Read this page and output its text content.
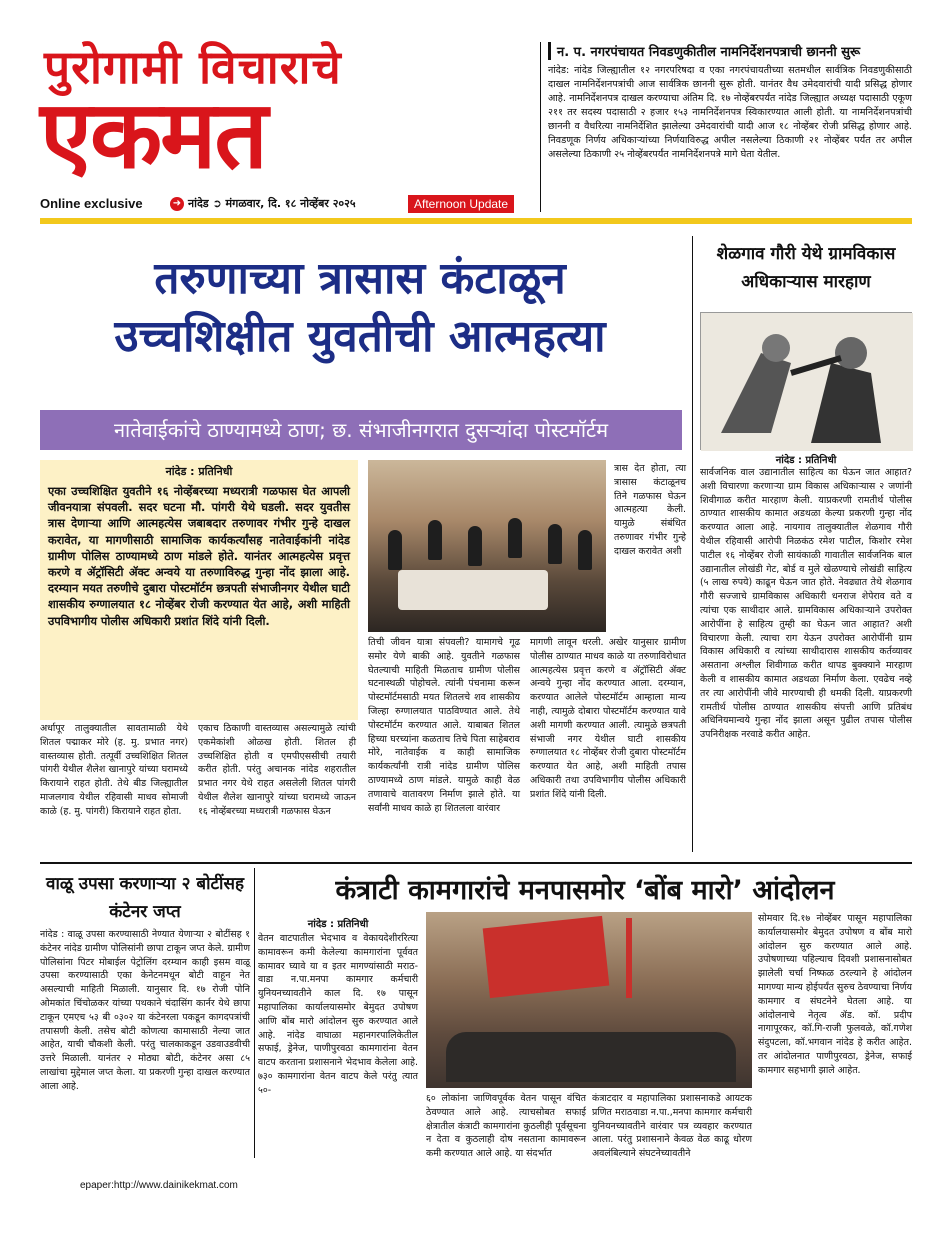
पुरोगामी विचाराचे
एकमत
Online exclusive	➜ नांदेड ➲ मंगळवार, दि. १८ नोव्हेंबर २०२५	Afternoon Update
न. प. नगरपंचायत निवडणुकीतील नामनिर्देशनपत्राची छाननी सुरू
नांदेड: नांदेड जिल्ह्यातील १२ नगरपरिषदा व एका नगरपंचायतीच्या सतमधील सार्वत्रिक निवडणुकीसाठी दाखल नामनिर्देशनपत्रांची आज सार्वत्रिक छाननी सुरू होती. यानंतर वैध उमेदवारांची यादी प्रसिद्ध होणार आहे. नामनिर्देशनपत्र दाखल करण्याचा अंतिम दि. १७ नोव्हेंबरपर्यंत नांदेड जिल्ह्यात अध्यक्ष पदासाठी एकूण २११ तर सदस्य पदासाठी २ हजार १५३ नामनिर्देशनपत्र स्विकारण्यात आली होती. या नामनिर्देशनपत्रांची छाननी व वैधरित्या नामनिर्देशित झालेल्या उमेदवारांची यादी आज १८ नोव्हेंबर रोजी प्रसिद्ध होणार आहे. निवडणूक निर्णय अधिकाऱ्यांच्या निर्णयाविरुद्ध अपील नसलेल्या ठिकाणी २१ नोव्हेंबर पर्यंत तर अपील असलेल्या ठिकाणी २५ नोव्हेंबरपर्यंत नामनिर्देशनपत्रे मागे घेता येतील.
तरुणाच्या त्रासास कंटाळून
उच्चशिक्षीत युवतीची आत्महत्या
नातेवाईकांचे ठाण्यामध्ये ठाण; छ. संभाजीनगरात दुसऱ्यांदा पोस्टमॉर्टम
नांदेड : प्रतिनिधी
एका उच्चशिक्षित युवतीने १६ नोव्हेंबरच्या मध्यरात्री गळफास घेत आपली जीवनयात्रा संपवली. सदर घटना मौ. पांगरी येथे घडली. सदर युवतीस त्रास देणाऱ्या आणि आत्महत्येस जबाबदार तरुणावर गंभीर गुन्हे दाखल करावेत, या मागणीसाठी सामाजिक कार्यकर्त्यांसह नातेवाईकांनी नांदेड ग्रामीण पोलिस ठाण्यामध्ये ठाण मांडले होते. यानंतर आत्महत्येस प्रवृत्त करणे व ॲट्रॉसिटी ॲक्ट अन्वये या तरुणाविरुद्ध गुन्हा नोंद झाला आहे. दरम्यान मयत तरुणीचे दुबारा पोस्टमॉर्टम छत्रपती संभाजीनगर येथील घाटी शासकीय रुग्णालयात १८ नोव्हेंबर रोजी करण्यात येत आहे, अशी माहिती उपविभागीय पोलीस अधिकारी प्रशांत शिंदे यांनी दिली.
त्रास देत होता, त्या त्रासास कंटाळूनच तिने गळफास घेऊन आत्महत्या केली. यामुळे संबंधित तरुणावर गंभीर गुन्हे दाखल करावेत अशी
अर्धापूर तालुक्यातील सावतामाळी येथे शितल पद्माकर मोरे (ह. मु. प्रभात नगर) वास्तव्यास होती. तत्पूर्वी उच्चशिक्षित शितल पांगरी येथील शैलेश खानापुरे यांच्या घरामध्ये किरायाने राहत होती. तेथे बीड जिल्ह्यातील माजलगाव येथील रहिवासी माधव सोमाजी काळे (ह. मु. पांगरी) किरायाने राहत होता.
एकाच ठिकाणी वास्तव्यास असल्यामुळे त्यांची एकमेकांशी ओळख होती. शितल ही उच्चशिक्षित होती व एमपीएससीची तयारी करीत होती. परंतु अचानक नांदेड शहरातील प्रभात नगर येथे राहत असलेली शितल पांगरी येथील शैलेश खानापुरे यांच्या घरामध्ये जाऊन १६ नोव्हेंबरच्या मध्यरात्री गळफास घेऊन
तिची जीवन यात्रा संपवली? यामागचे गूढ समोर येणे बाकी आहे. युवतीने गळफास घेतल्याची माहिती मिळताच ग्रामीण पोलीस घटनास्थळी पोहोचले. त्यांनी पंचनामा करून पोस्टमॉर्टमसाठी मयत शितलचे शव शासकीय जिल्हा रुग्णालयात पाठविण्यात आले. तेथे पोस्टमॉर्टम करण्यात आले. याबाबत शितल हिच्या घरच्यांना कळताच तिचे पिता साहेबराव मोरे, नातेवाईक व काही सामाजिक कार्यकर्त्यांनी रात्री नांदेड ग्रामीण पोलिस ठाण्यामध्ये ठाण मांडले. यामुळे काही वेळ तणावाचे वातावरण निर्माण झाले होते. या सर्वांनी माधव काळे हा शितलला वारंवार
मागणी लावून धरली. अखेर यानुसार ग्रामीण पोलीस ठाण्यात माधव काळे या तरुणाविरोधात आत्महत्येस प्रवृत्त करणे व ॲट्रॉसिटी ॲक्ट अन्वये गुन्हा नोंद करण्यात आला. दरम्यान, करण्यात आलेले पोस्टमॉर्टम आम्हाला मान्य नाही, त्यामुळे दोबारा पोस्टमॉर्टम करण्यात यावे अशी मागणी करण्यात आली. त्यामुळे छत्रपती संभाजी नगर येथील घाटी शासकीय रुग्णालयात १८ नोव्हेंबर रोजी दुबारा पोस्टमॉर्टम करण्यात येत आहे, अशी माहिती तपास अधिकारी तथा उपविभागीय पोलीस अधिकारी प्रशांत शिंदे यांनी दिली.
शेळगाव गौरी येथे ग्रामविकास अधिकाऱ्यास मारहाण
नांदेड : प्रतिनिधी
सार्वजनिक वाल उद्यानातील साहित्य का घेऊन जात आहात? अशी विचारणा करणाऱ्या ग्राम विकास अधिकाऱ्यास २ जणांनी शिवीगाळ करीत मारहाण केली. याप्रकरणी रामतीर्थ पोलीस ठाण्यात शासकीय कामात अडथळा केल्या प्रकरणी गुन्हा नोंद करण्यात आला आहे. नायगाव तालुक्यातील शेळगाव गौरी येथील रहिवासी आरोपी निळकंठ रमेश पाटील, किशोर रमेश पाटील १६ नोव्हेंबर रोजी सायंकाळी गावातील सार्वजनिक बाल उद्यानातील लोखंडी गेट, बोर्ड व मुले खेळण्याचे लोखंडी साहित्य (५ लाख रुपये) काढून घेऊन जात होते. नेवढ्यात तेथे शेळगाव गौरी सज्जाचे ग्रामविकास अधिकारी धनराज शेपेराव वते व त्यांचा एक साथीदार आले. ग्रामविकास अधिकाऱ्याने उपरोक्त आरोपींना हे साहित्य तुम्ही का घेऊन जात आहात? अशी विचारणा केली. त्याचा राग येऊन उपरोक्त आरोपींनी ग्राम विकास अधिकारी व त्यांच्या साथीदारास शासकीय कर्तव्यावर असताना अश्लील शिवीगाळ करीत थापड बुक्क्याने मारहाण केली व शासकीय कामात अडथळा निर्माण केला. एवढेच नव्हे तर त्या आरोपींनी जीवे मारण्याची ही धमकी दिली. याप्रकरणी रामतीर्थ पोलीस ठाण्यात शासकीय संपत्ती आणि प्रतिबंध अधिनियमान्वये गुन्हा नोंद झाला असून पुढील तपास पोलीस उपनिरीक्षक नरवाडे करीत आहेत.
वाळू उपसा करणाऱ्या २ बोटींसह कंटेनर जप्त
नांदेड : वाळू उपसा करण्यासाठी नेण्यात येणाऱ्या २ बोटींसह १ कंटेनर नांदेड ग्रामीण पोलिसांनी छापा टाकून जप्त केले. ग्रामीण पोलिसांना पिटर मोबाईल पेट्रोलिंग दरम्यान काही इसम वाळू उपसा करण्यासाठी एका केनेटनमधून बोटी वाहून नेत असल्याची माहिती मिळाली. यानुसार दि. १७ रोजी पोनि ओमकांत चिंचोळकर यांच्या पथकाने चंदासिंग कार्नर येथे छापा टाकून एमएच ५३ बी ०३०२ या कंटेनरला पकडून कागदपत्रांची तपासणी केली. तसेच बोटी कोणत्या कामासाठी नेल्या जात आहेत, याची चौकशी केली. परंतु चालकाकडून उडवाउडवीची उत्तरे मिळाली. यानंतर २ मोठ्या बोटी, कंटेनर असा ८५ लाखांचा मुद्देमाल जप्त केला. या प्रकरणी गुन्हा दाखल करण्यात आला आहे.
कंत्राटी कामगारांचे मनपासमोर ‘बोंब मारो’ आंदोलन
नांदेड : प्रतिनिधी
वेतन वाटपातील भेदभाव व वेकायदेशीररित्या कामावरून कमी केलेल्या कामगारांना पूर्ववत कामावर घ्यावे या व इतर मागण्यांसाठी मराठ-वाडा न.पा.मनपा कामगार कर्मचारी युनियनच्यावतीने काल दि. १७ पासून महापालिका कार्यालयासमोर बेमुदत उपोषण आणि बोंब मारो आंदोलन सुरु करण्यात आले आहे. नांदेड वाघाळा महानगरपालिकेतील सफाई, ड्रेनेज, पाणीपुरवठा कामगारांना वेतन वाटप करताना प्रशासनाने भेदभाव केलेला आहे. ७३० कामगारांना वेतन वाटप केले परंतु त्यात ५०-
६० लोकांना जाणिवपूर्वक वेतन पासून वंचित ठेवण्यात आले आहे. त्याचसोबत सफाई क्षेत्रातील कंत्राटी कामगारांना कुठलीही पूर्वसूचना न देता व कुठलाही दोष नसताना कामावरून कमी करण्यात आले आहे. या संदर्भात
कंत्राटदार व महापालिका प्रशासनाकडे आयटक प्रणित मराठवाडा न.पा.,मनपा कामगार कर्मचारी युनियनच्यावतीने वारंवार पत्र व्यवहार करण्यात आला. परंतु प्रशासनाने केवळ वेळ काढू धोरण अवलंबिल्याने संघटनेच्यावतीने
सोमवार दि.१७ नोव्हेंबर पासून महापालिका कार्यालयासमोर बेमुदत उपोषण व बोंब मारो आंदोलन सुरु करण्यात आले आहे. उपोषणाच्या पहिल्याच दिवशी प्रशासनासोबत झालेली चर्चा निष्फळ ठरल्याने हे आंदोलन मागण्या मान्य होईपर्यंत सुरुच ठेवण्याचा निर्णय कामगार व संघटनेने घेतला आहे. या आंदोलनाचे नेतृत्व ॲड. कॉ. प्रदीप नागापूरकर, कॉ.गि-राजी फुलवळे, कॉ.गणेश संदुपटला, कॉ.भगवान नांदेड हे करीत आहेत. तर आंदोलनात पाणीपुरवठा, ड्रेनेज, सफाई कामगार सहभागी झाले आहेत.
epaper:http://www.dainikekmat.com
